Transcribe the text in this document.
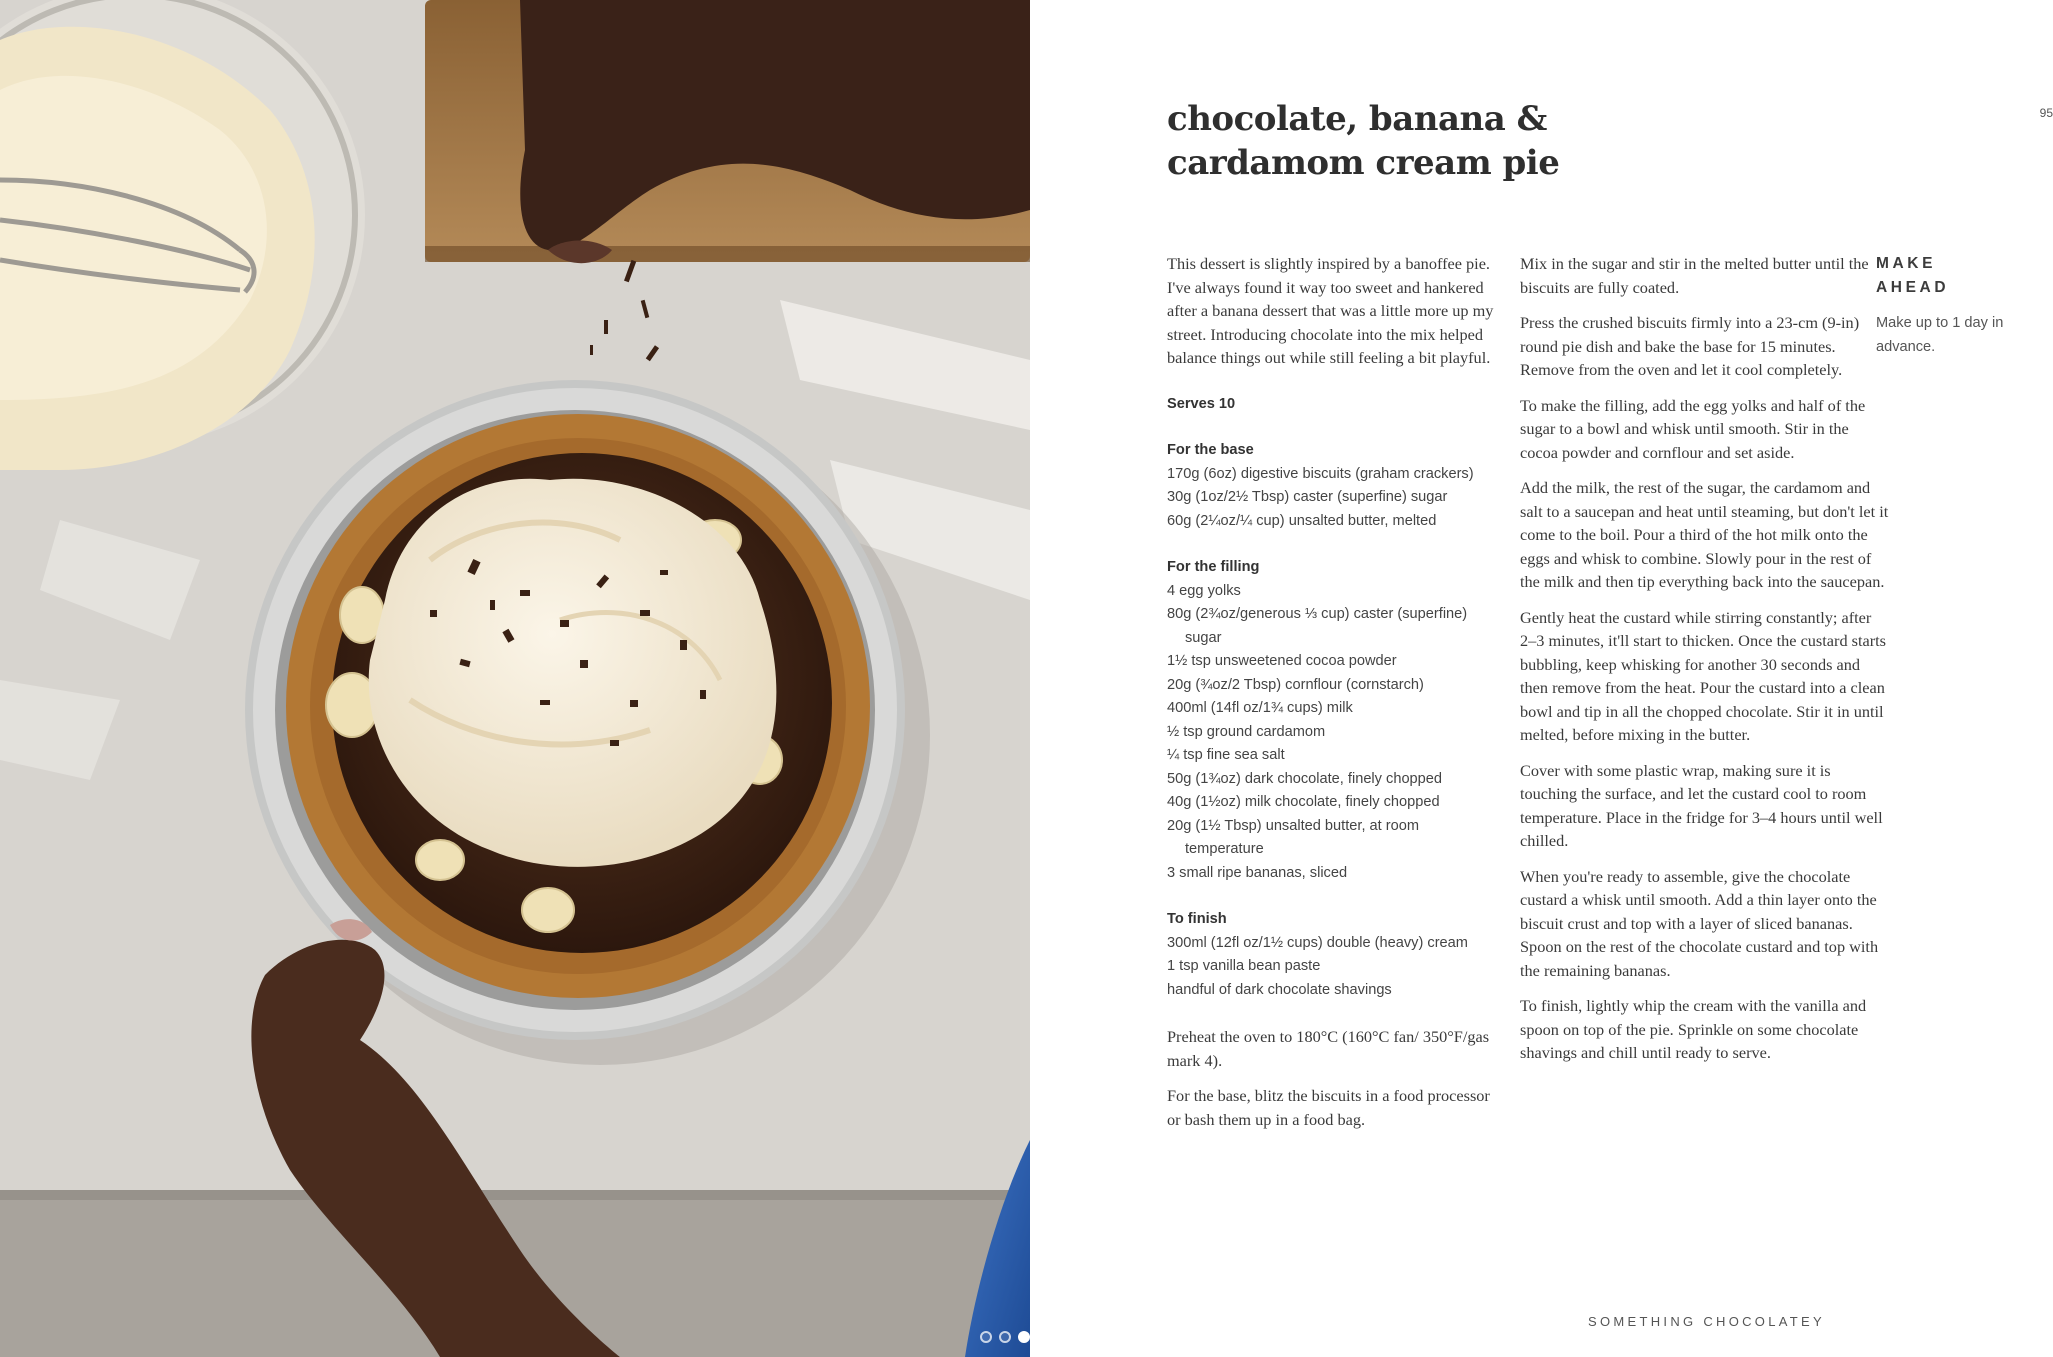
chocolate, banana & cardamom cream pie
95

This dessert is slightly inspired by a banoffee pie. I've always found it way too sweet and hankered after a banana dessert that was a little more up my street. Introducing chocolate into the mix helped balance things out while still feeling a bit playful.

Serves 10

For the base

170g (6oz) digestive biscuits (graham crackers)

30g (1oz/2½ Tbsp) caster (superfine) sugar

60g (2¼oz/¼ cup) unsalted butter, melted

For the filling

4 egg yolks

80g (2¾oz/generous ⅓ cup) caster (superfine) sugar

1½ tsp unsweetened cocoa powder

20g (¾oz/2 Tbsp) cornflour (cornstarch)

400ml (14fl oz/1¾ cups) milk

½ tsp ground cardamom

¼ tsp fine sea salt

50g (1¾oz) dark chocolate, finely chopped

40g (1½oz) milk chocolate, finely chopped

20g (1½ Tbsp) unsalted butter, at room temperature

3 small ripe bananas, sliced

To finish

300ml (12fl oz/1½ cups) double (heavy) cream

1 tsp vanilla bean paste

handful of dark chocolate shavings

Preheat the oven to 180°C (160°C fan/ 350°F/gas mark 4).

For the base, blitz the biscuits in a food processor or bash them up in a food bag.

Mix in the sugar and stir in the melted butter until the biscuits are fully coated.

Press the crushed biscuits firmly into a 23-cm (9-in) round pie dish and bake the base for 15 minutes. Remove from the oven and let it cool completely.

To make the filling, add the egg yolks and half of the sugar to a bowl and whisk until smooth. Stir in the cocoa powder and cornflour and set aside.

Add the milk, the rest of the sugar, the cardamom and salt to a saucepan and heat until steaming, but don't let it come to the boil. Pour a third of the hot milk onto the eggs and whisk to combine. Slowly pour in the rest of the milk and then tip everything back into the saucepan.

Gently heat the custard while stirring constantly; after 2–3 minutes, it'll start to thicken. Once the custard starts bubbling, keep whisking for another 30 seconds and then remove from the heat. Pour the custard into a clean bowl and tip in all the chopped chocolate. Stir it in until melted, before mixing in the butter.

Cover with some plastic wrap, making sure it is touching the surface, and let the custard cool to room temperature. Place in the fridge for 3–4 hours until well chilled.

When you're ready to assemble, give the chocolate custard a whisk until smooth. Add a thin layer onto the biscuit crust and top with a layer of sliced bananas. Spoon on the rest of the chocolate custard and top with the remaining bananas.

To finish, lightly whip the cream with the vanilla and spoon on top of the pie. Sprinkle on some chocolate shavings and chill until ready to serve.

MAKE AHEAD

Make up to 1 day in advance.

SOMETHING CHOCOLATEY
